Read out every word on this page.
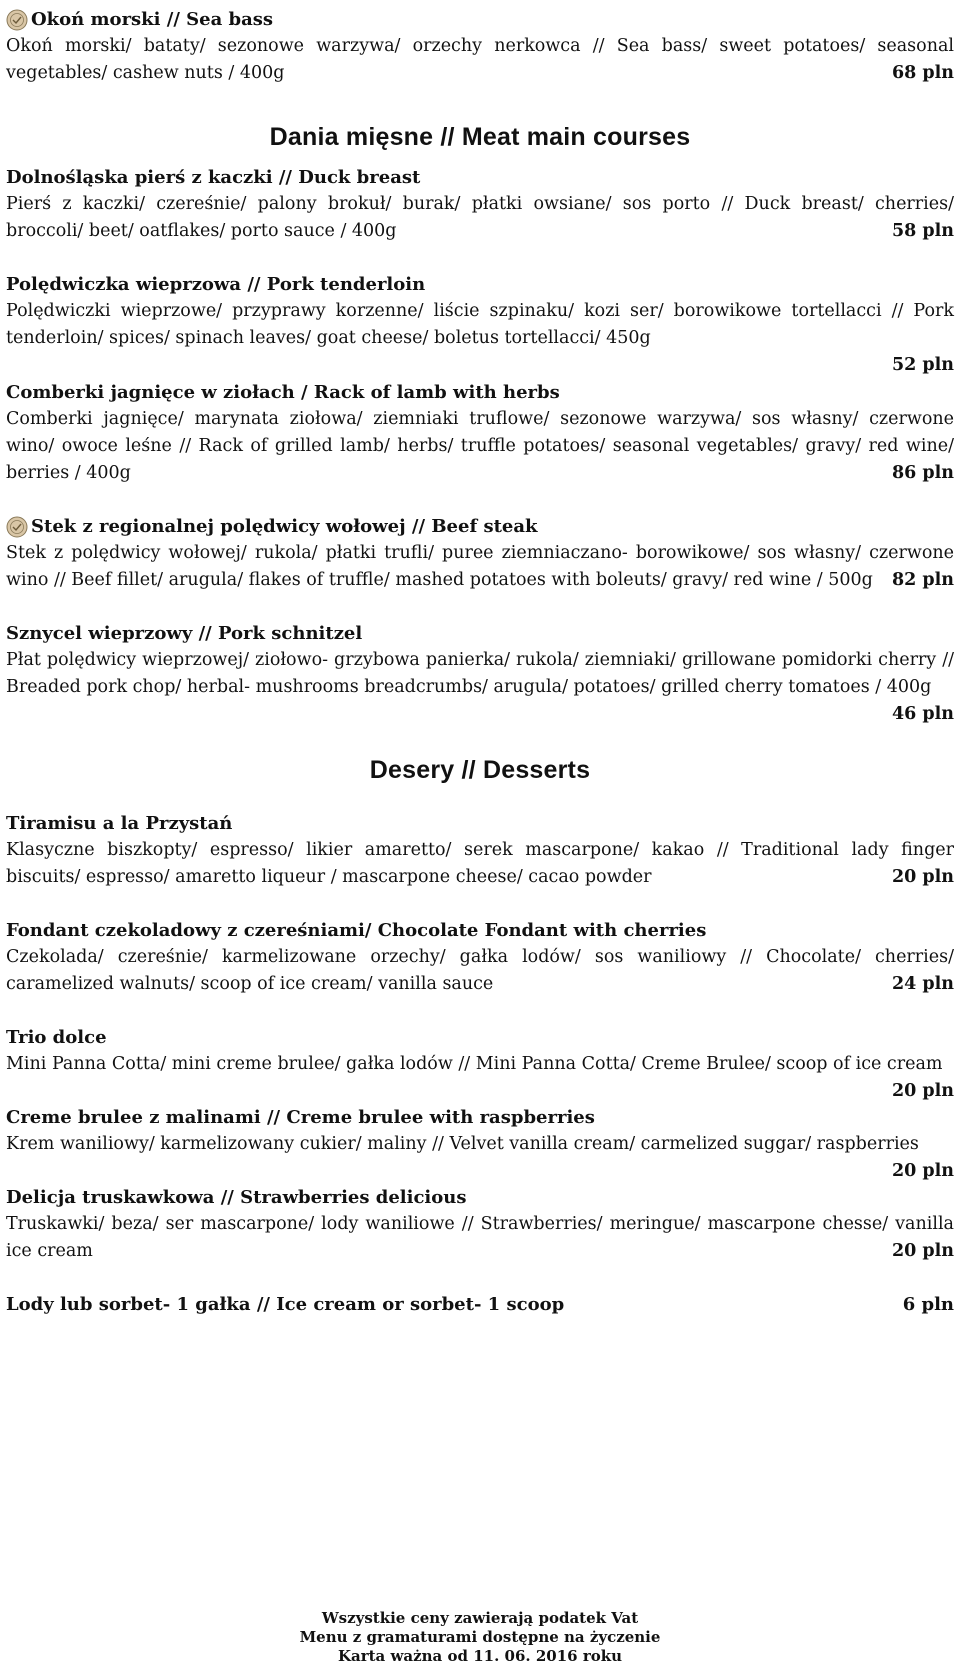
Okoń morski // Sea bass
Okoń morski/ batаty/ sezonowe warzywa/ orzechy nerkowca // Sea bass/ sweet potatoes/ seasonal vegetables/ cashew nuts / 400g	68 pln
Dania mięsne // Meat main courses
Dolnośląska pierś z kaczki // Duck breast
Pierś z kaczki/ czereśnie/ palony brokuł/ burak/ płatki owsiane/ sos porto // Duck breast/ cherries/ broccoli/ beet/ oatflakes/ porto sauce / 400g	58 pln
Polędwiczka wieprzowa // Pork tenderloin
Polędwiczki wieprzowe/ przyprawy korzenne/ liście szpinaku/ kozi ser/ borowikowe tortellacci // Pork tenderloin/ spices/ spinach leaves/ goat cheese/ boletus tortellacci/ 450g
52 pln
Comberki jagnięce w ziołach / Rack of lamb with herbs
Comberki jagnięce/ marynata ziołowa/ ziemniaki truflowe/ sezonowe warzywa/ sos własny/ czerwone wino/ owoce leśne // Rack of grilled lamb/ herbs/ truffle potatoes/ seasonal vegetables/ gravy/ red wine/ berries / 400g	86 pln
Stek z regionalnej polędwicy wołowej // Beef steak
Stek z polędwicy wołowej/ rukola/ płatki trufli/ puree ziemniaczano- borowikowe/ sos własny/ czerwone wino // Beef fillet/ arugula/ flakes of truffle/ mashed potatoes with boleuts/ gravy/ red wine / 500g 82 pln
Sznycel wieprzowy // Pork schnitzel
Płat polędwicy wieprzowej/ ziołowo- grzybowa panierka/ rukola/ ziemniaki/ grillowane pomidorki cherry // Breaded pork chop/ herbal- mushrooms breadcrumbs/ arugula/ potatoes/ grilled cherry tomatoes / 400g
46 pln
Desery // Desserts
Tiramisu a la Przystań
Klasyczne biszkopty/ espresso/ likier amaretto/ serek mascarpone/ kakao // Traditional lady finger biscuits/ espresso/ amaretto liqueur / mascarpone cheese/ cacao powder	20 pln
Fondant czekoladowy z czereśniami/ Chocolate Fondant with cherries
Czekolada/ czereśnie/ karmelizowane orzechy/ gałka lodów/ sos waniliowy // Chocolate/ cherries/ caramelized walnuts/ scoop of ice cream/ vanilla sauce	24 pln
Trio dolce
Mini Panna Cotta/ mini creme brulee/ gałka lodów // Mini Panna Cotta/ Creme Brulee/ scoop of ice cream
20 pln
Creme brulee z malinami // Creme brulee with raspberries
Krem waniliowy/ karmelizowany cukier/ maliny // Velvet vanilla cream/ carmelized suggar/ raspberries
20 pln
Delicja truskawkowa // Strawberries delicious
Truskawki/ beza/ ser mascarpone/ lody waniliowe // Strawberries/ meringue/ mascarpone chesse/ vanilla ice cream	20 pln
Lody lub sorbet- 1 gałka // Ice cream or sorbet- 1 scoop	6 pln
Wszystkie ceny zawierają podatek Vat
Menu z gramaturami dostępne na życzenie
Karta ważna od 11. 06. 2016 roku
